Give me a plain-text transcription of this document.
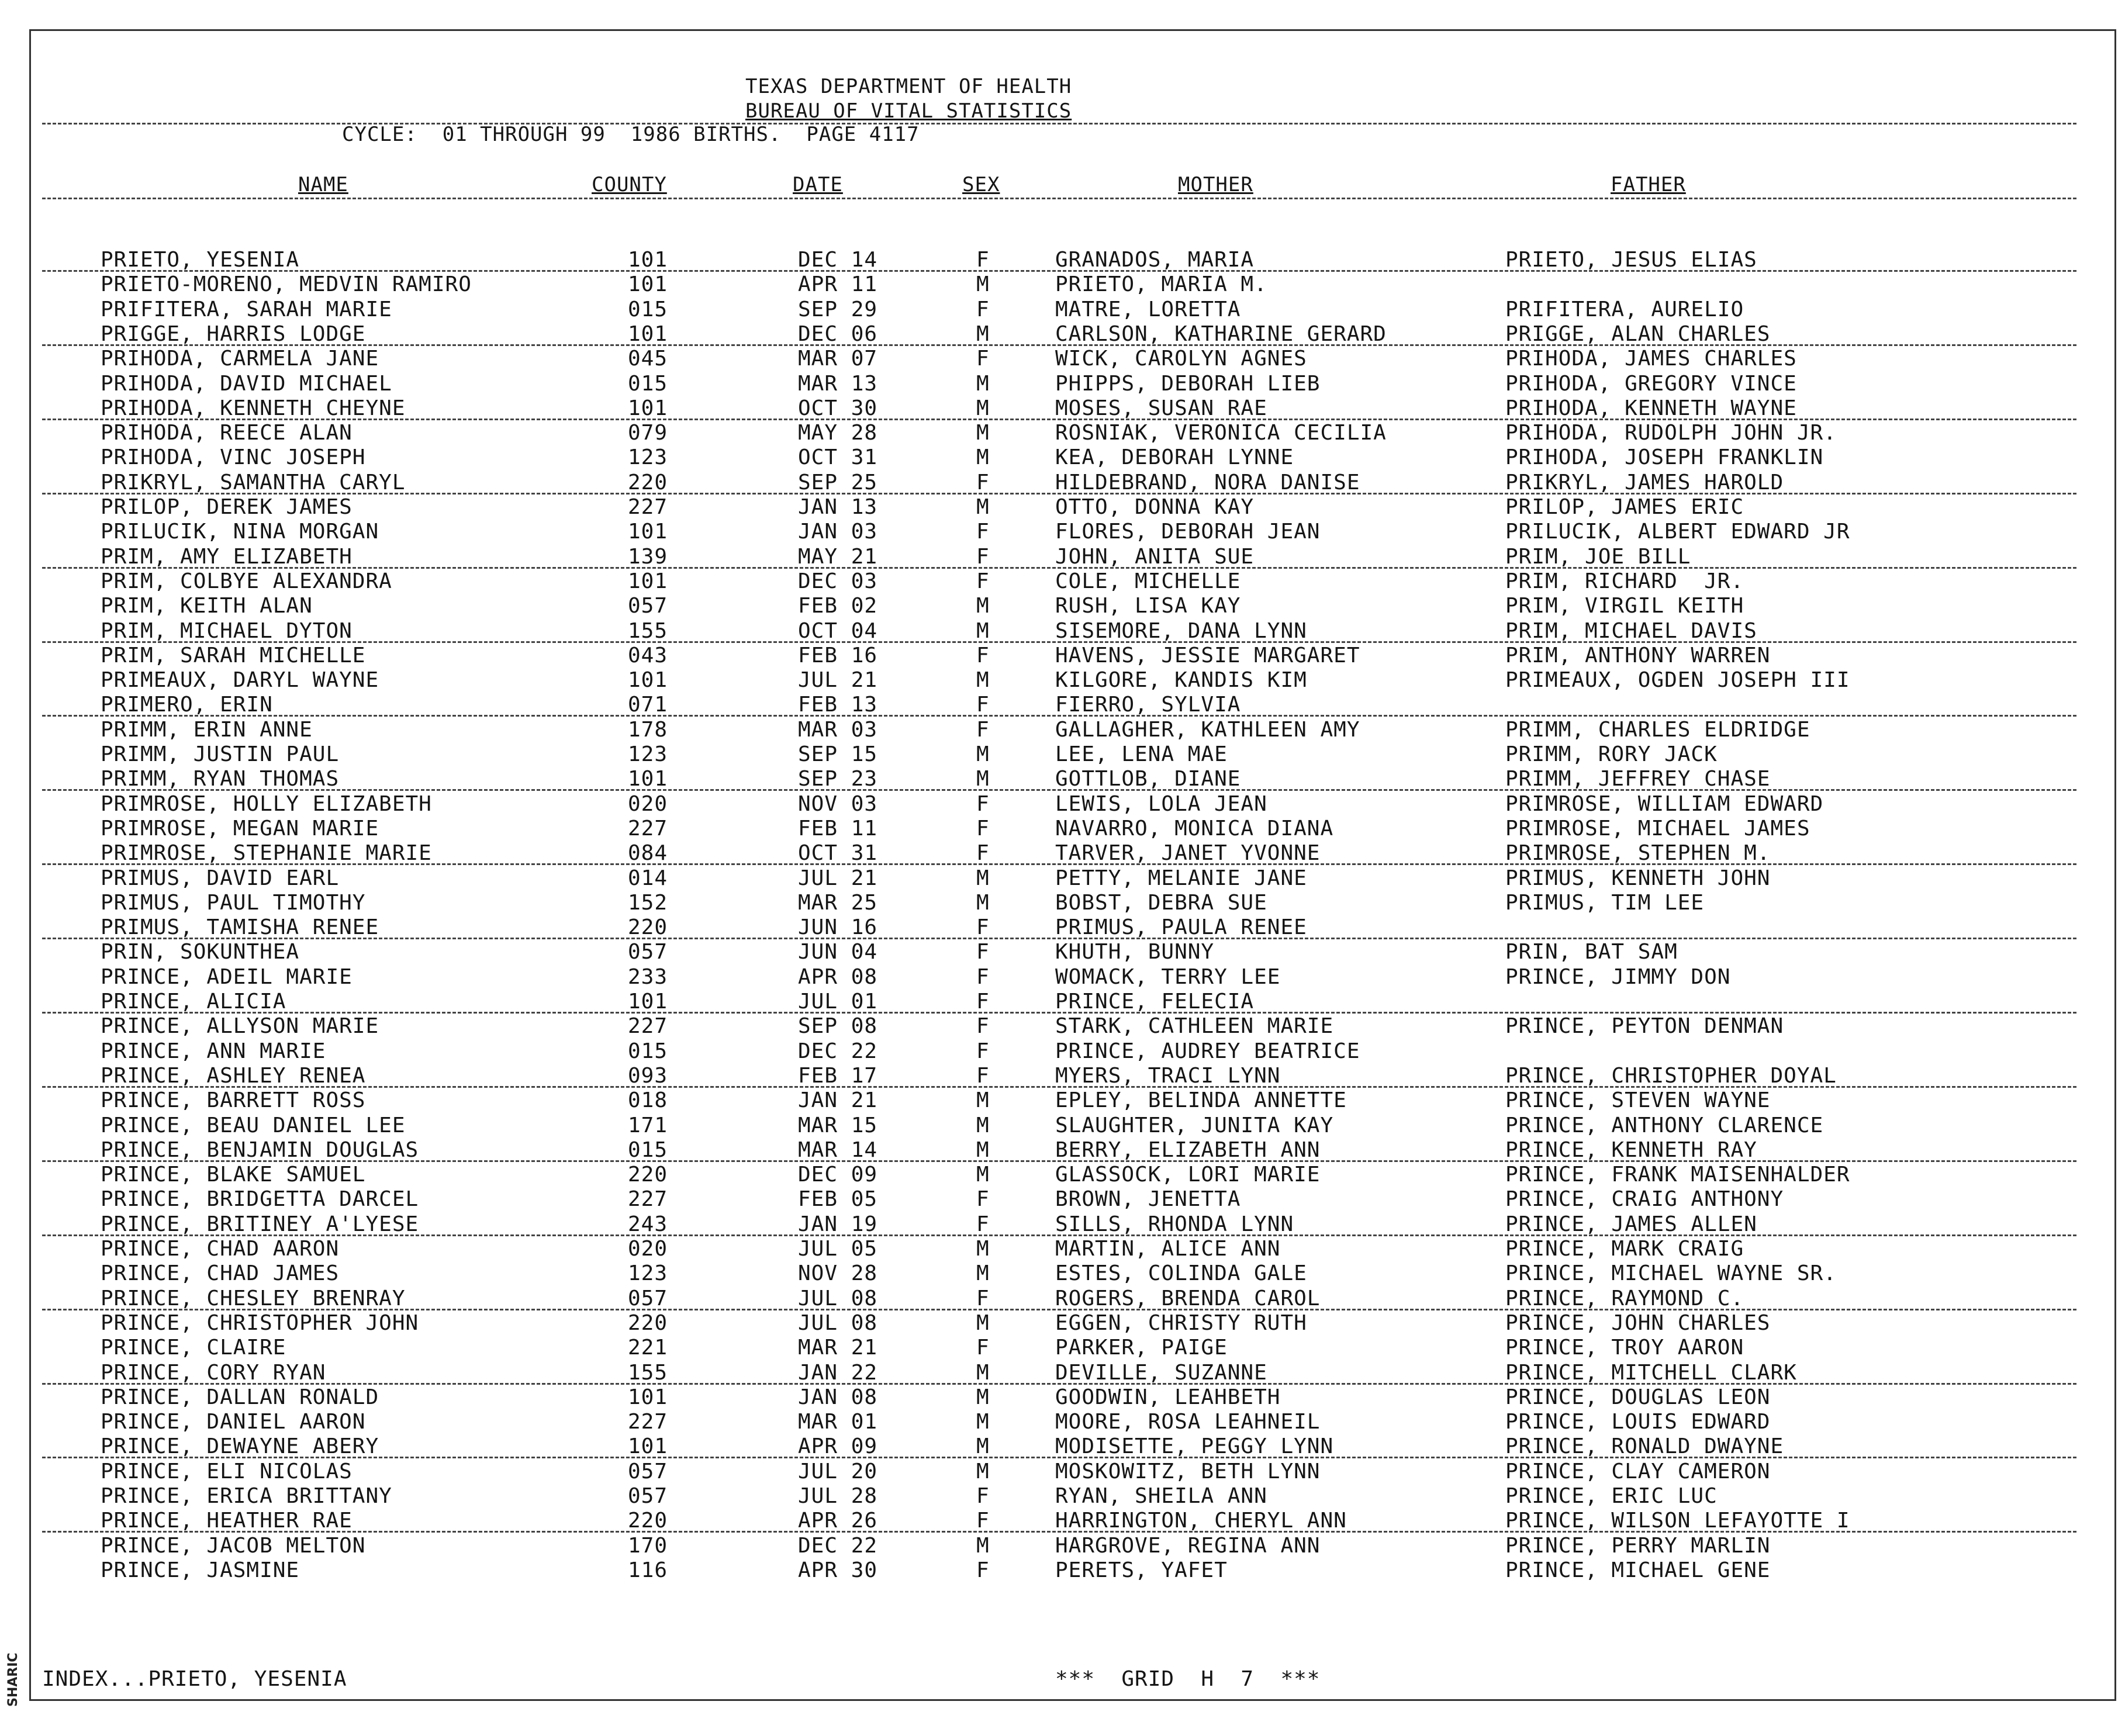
SHARIC
TEXAS DEPARTMENT OF HEALTH
BUREAU OF VITAL STATISTICS
CYCLE:  01 THROUGH 99  1986 BIRTHS.  PAGE 4117
NAME	COUNTY	DATE	SEX	MOTHER	FATHER
PRIETO, YESENIA	101	DEC 14	F	GRANADOS, MARIA	PRIETO, JESUS ELIAS
PRIETO-MORENO, MEDVIN RAMIRO	101	APR 11	M	PRIETO, MARIA M.
PRIFITERA, SARAH MARIE	015	SEP 29	F	MATRE, LORETTA	PRIFITERA, AURELIO
PRIGGE, HARRIS LODGE	101	DEC 06	M	CARLSON, KATHARINE GERARD	PRIGGE, ALAN CHARLES
PRIHODA, CARMELA JANE	045	MAR 07	F	WICK, CAROLYN AGNES	PRIHODA, JAMES CHARLES
PRIHODA, DAVID MICHAEL	015	MAR 13	M	PHIPPS, DEBORAH LIEB	PRIHODA, GREGORY VINCE
PRIHODA, KENNETH CHEYNE	101	OCT 30	M	MOSES, SUSAN RAE	PRIHODA, KENNETH WAYNE
PRIHODA, REECE ALAN	079	MAY 28	M	ROSNIAK, VERONICA CECILIA	PRIHODA, RUDOLPH JOHN JR.
PRIHODA, VINC JOSEPH	123	OCT 31	M	KEA, DEBORAH LYNNE	PRIHODA, JOSEPH FRANKLIN
PRIKRYL, SAMANTHA CARYL	220	SEP 25	F	HILDEBRAND, NORA DANISE	PRIKRYL, JAMES HAROLD
PRILOP, DEREK JAMES	227	JAN 13	M	OTTO, DONNA KAY	PRILOP, JAMES ERIC
PRILUCIK, NINA MORGAN	101	JAN 03	F	FLORES, DEBORAH JEAN	PRILUCIK, ALBERT EDWARD JR
PRIM, AMY ELIZABETH	139	MAY 21	F	JOHN, ANITA SUE	PRIM, JOE BILL
PRIM, COLBYE ALEXANDRA	101	DEC 03	F	COLE, MICHELLE	PRIM, RICHARD  JR.
PRIM, KEITH ALAN	057	FEB 02	M	RUSH, LISA KAY	PRIM, VIRGIL KEITH
PRIM, MICHAEL DYTON	155	OCT 04	M	SISEMORE, DANA LYNN	PRIM, MICHAEL DAVIS
PRIM, SARAH MICHELLE	043	FEB 16	F	HAVENS, JESSIE MARGARET	PRIM, ANTHONY WARREN
PRIMEAUX, DARYL WAYNE	101	JUL 21	M	KILGORE, KANDIS KIM	PRIMEAUX, OGDEN JOSEPH III
PRIMERO, ERIN	071	FEB 13	F	FIERRO, SYLVIA
PRIMM, ERIN ANNE	178	MAR 03	F	GALLAGHER, KATHLEEN AMY	PRIMM, CHARLES ELDRIDGE
PRIMM, JUSTIN PAUL	123	SEP 15	M	LEE, LENA MAE	PRIMM, RORY JACK
PRIMM, RYAN THOMAS	101	SEP 23	M	GOTTLOB, DIANE	PRIMM, JEFFREY CHASE
PRIMROSE, HOLLY ELIZABETH	020	NOV 03	F	LEWIS, LOLA JEAN	PRIMROSE, WILLIAM EDWARD
PRIMROSE, MEGAN MARIE	227	FEB 11	F	NAVARRO, MONICA DIANA	PRIMROSE, MICHAEL JAMES
PRIMROSE, STEPHANIE MARIE	084	OCT 31	F	TARVER, JANET YVONNE	PRIMROSE, STEPHEN M.
PRIMUS, DAVID EARL	014	JUL 21	M	PETTY, MELANIE JANE	PRIMUS, KENNETH JOHN
PRIMUS, PAUL TIMOTHY	152	MAR 25	M	BOBST, DEBRA SUE	PRIMUS, TIM LEE
PRIMUS, TAMISHA RENEE	220	JUN 16	F	PRIMUS, PAULA RENEE
PRIN, SOKUNTHEA	057	JUN 04	F	KHUTH, BUNNY	PRIN, BAT SAM
PRINCE, ADEIL MARIE	233	APR 08	F	WOMACK, TERRY LEE	PRINCE, JIMMY DON
PRINCE, ALICIA	101	JUL 01	F	PRINCE, FELECIA
PRINCE, ALLYSON MARIE	227	SEP 08	F	STARK, CATHLEEN MARIE	PRINCE, PEYTON DENMAN
PRINCE, ANN MARIE	015	DEC 22	F	PRINCE, AUDREY BEATRICE
PRINCE, ASHLEY RENEA	093	FEB 17	F	MYERS, TRACI LYNN	PRINCE, CHRISTOPHER DOYAL
PRINCE, BARRETT ROSS	018	JAN 21	M	EPLEY, BELINDA ANNETTE	PRINCE, STEVEN WAYNE
PRINCE, BEAU DANIEL LEE	171	MAR 15	M	SLAUGHTER, JUNITA KAY	PRINCE, ANTHONY CLARENCE
PRINCE, BENJAMIN DOUGLAS	015	MAR 14	M	BERRY, ELIZABETH ANN	PRINCE, KENNETH RAY
PRINCE, BLAKE SAMUEL	220	DEC 09	M	GLASSOCK, LORI MARIE	PRINCE, FRANK MAISENHALDER
PRINCE, BRIDGETTA DARCEL	227	FEB 05	F	BROWN, JENETTA	PRINCE, CRAIG ANTHONY
PRINCE, BRITINEY A'LYESE	243	JAN 19	F	SILLS, RHONDA LYNN	PRINCE, JAMES ALLEN
PRINCE, CHAD AARON	020	JUL 05	M	MARTIN, ALICE ANN	PRINCE, MARK CRAIG
PRINCE, CHAD JAMES	123	NOV 28	M	ESTES, COLINDA GALE	PRINCE, MICHAEL WAYNE SR.
PRINCE, CHESLEY BRENRAY	057	JUL 08	F	ROGERS, BRENDA CAROL	PRINCE, RAYMOND C.
PRINCE, CHRISTOPHER JOHN	220	JUL 08	M	EGGEN, CHRISTY RUTH	PRINCE, JOHN CHARLES
PRINCE, CLAIRE	221	MAR 21	F	PARKER, PAIGE	PRINCE, TROY AARON
PRINCE, CORY RYAN	155	JAN 22	M	DEVILLE, SUZANNE	PRINCE, MITCHELL CLARK
PRINCE, DALLAN RONALD	101	JAN 08	M	GOODWIN, LEAHBETH	PRINCE, DOUGLAS LEON
PRINCE, DANIEL AARON	227	MAR 01	M	MOORE, ROSA LEAHNEIL	PRINCE, LOUIS EDWARD
PRINCE, DEWAYNE ABERY	101	APR 09	M	MODISETTE, PEGGY LYNN	PRINCE, RONALD DWAYNE
PRINCE, ELI NICOLAS	057	JUL 20	M	MOSKOWITZ, BETH LYNN	PRINCE, CLAY CAMERON
PRINCE, ERICA BRITTANY	057	JUL 28	F	RYAN, SHEILA ANN	PRINCE, ERIC LUC
PRINCE, HEATHER RAE	220	APR 26	F	HARRINGTON, CHERYL ANN	PRINCE, WILSON LEFAYOTTE I
PRINCE, JACOB MELTON	170	DEC 22	M	HARGROVE, REGINA ANN	PRINCE, PERRY MARLIN
PRINCE, JASMINE	116	APR 30	F	PERETS, YAFET	PRINCE, MICHAEL GENE
INDEX...PRIETO, YESENIA	***  GRID  H  7  ***
